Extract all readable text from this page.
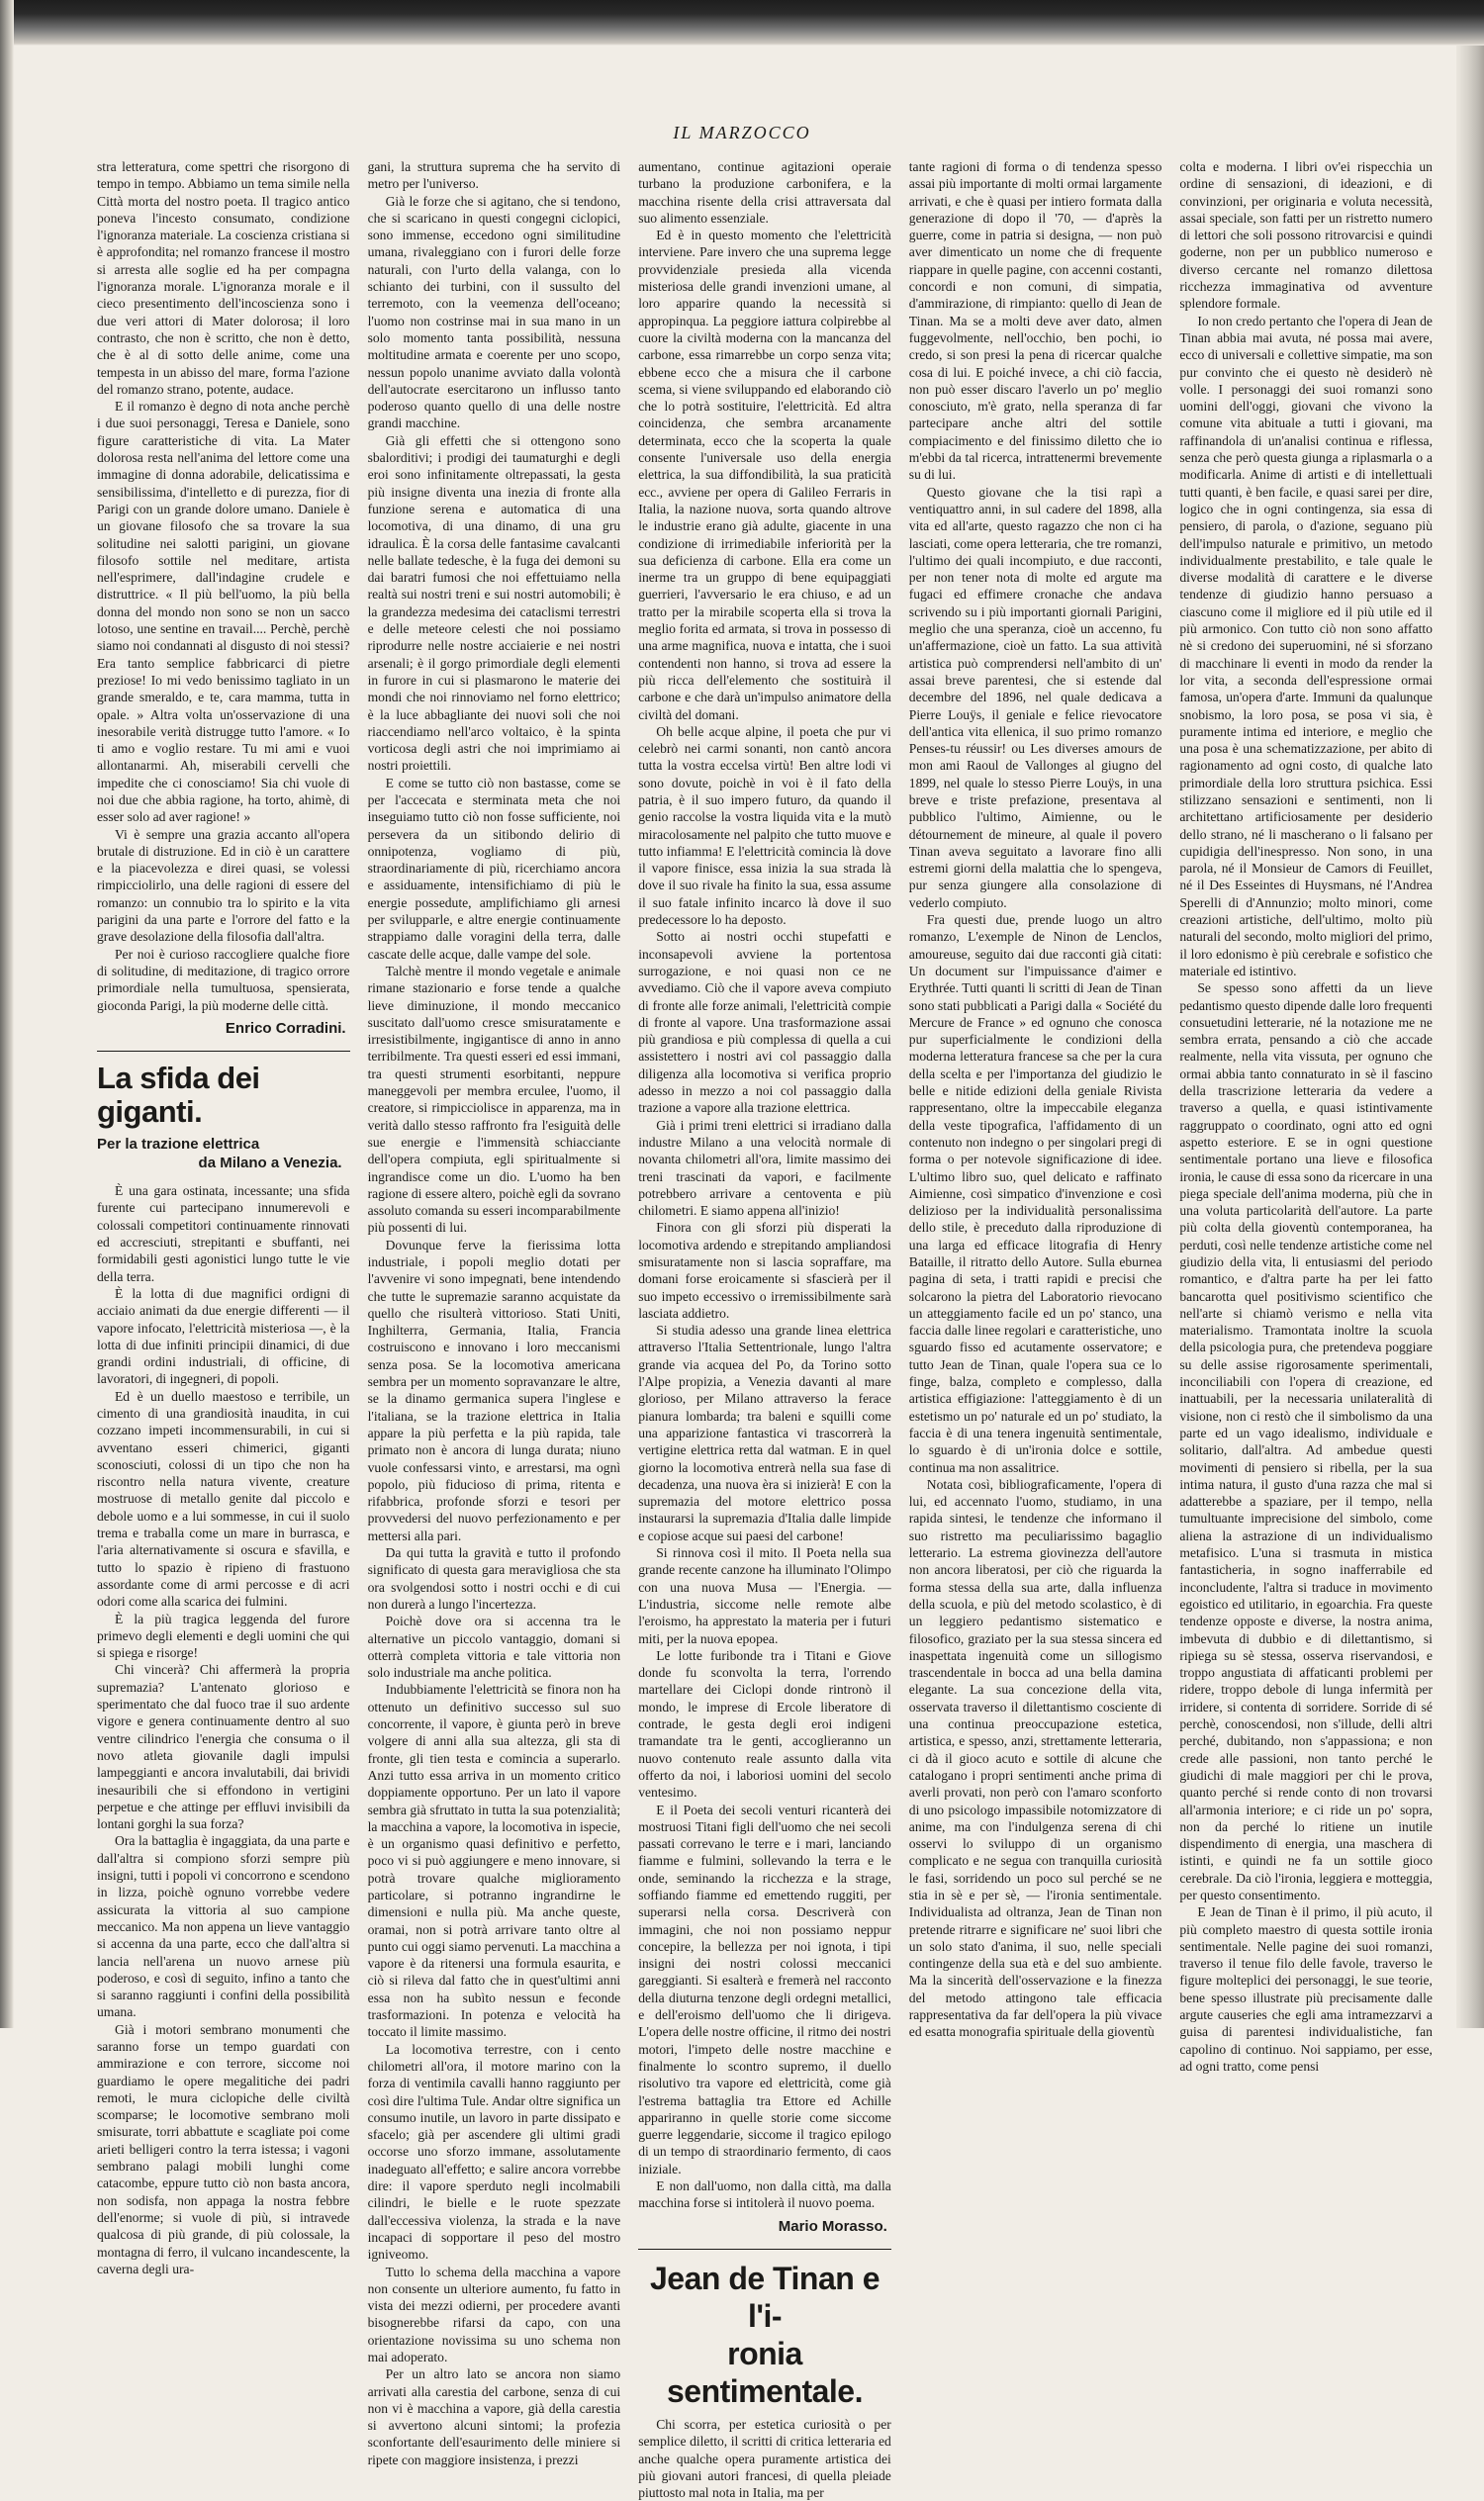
IL MARZOCCO

stra letteratura, come spettri che risorgono di tempo in tempo. Abbiamo un tema simile nella Città morta del nostro poeta. Il tragico antico poneva l'incesto consumato, condizione l'ignoranza materiale. La coscienza cristiana si è approfondita; nel romanzo francese il mostro si arresta alle soglie ed ha per compagna l'ignoranza morale. L'ignoranza morale e il cieco presentimento dell'incoscienza sono i due veri attori di Mater dolorosa; il loro contrasto, che non è scritto, che non è detto, che è al di sotto delle anime, come una tempesta in un abisso del mare, forma l'azione del romanzo strano, potente, audace.

E il romanzo è degno di nota anche perchè i due suoi personaggi, Teresa e Daniele, sono figure caratteristiche di vita. La Mater dolorosa resta nell'anima del lettore come una immagine di donna adorabile, delicatissima e sensibilissima, d'intelletto e di purezza, fior di Parigi con un grande dolore umano. Daniele è un giovane filosofo che sa trovare la sua solitudine nei salotti parigini, un giovane filosofo sottile nel meditare, artista nell'esprimere, dall'indagine crudele e distruttrice. « Il più bell'uomo, la più bella donna del mondo non sono se non un sacco lotoso, une sentine en travail.... Perchè, perchè siamo noi condannati al disgusto di noi stessi? Era tanto semplice fabbricarci di pietre preziose! Io mi vedo benissimo tagliato in un grande smeraldo, e te, cara mamma, tutta in opale. » Altra volta un'osservazione di una inesorabile verità distrugge tutto l'amore. « Io ti amo e voglio restare. Tu mi ami e vuoi allontanarmi. Ah, miserabili cervelli che impedite che ci conosciamo! Sia chi vuole di noi due che abbia ragione, ha torto, ahimè, di esser solo ad aver ragione! »

Vi è sempre una grazia accanto all'opera brutale di distruzione. Ed in ciò è un carattere e la piacevolezza e direi quasi, se volessi rimpicciolirlo, una delle ragioni di essere del romanzo: un connubio tra lo spirito e la vita parigini da una parte e l'orrore del fatto e la grave desolazione della filosofia dall'altra.

Per noi è curioso raccogliere qualche fiore di solitudine, di meditazione, di tragico orrore primordiale nella tumultuosa, spensierata, gioconda Parigi, la più moderne delle città.

Enrico Corradini.
La sfida dei giganti.
Per la trazione elettrica
da Milano a Venezia.

È una gara ostinata, incessante; una sfida furente cui partecipano innumerevoli e colossali competitori continuamente rinnovati ed accresciuti, strepitanti e sbuffanti, nei formidabili gesti agonistici lungo tutte le vie della terra.

È la lotta di due magnifici ordigni di acciaio animati da due energie differenti — il vapore infocato, l'elettricità misteriosa —, è la lotta di due infiniti principii dinamici, di due grandi ordini industriali, di officine, di lavoratori, di ingegneri, di popoli.

Ed è un duello maestoso e terribile, un cimento di una grandiosità inaudita, in cui cozzano impeti incommensurabili, in cui si avventano esseri chimerici, giganti sconosciuti, colossi di un tipo che non ha riscontro nella natura vivente, creature mostruose di metallo genite dal piccolo e debole uomo e a lui sommesse, in cui il suolo trema e traballa come un mare in burrasca, e l'aria alternativamente si oscura e sfavilla, e tutto lo spazio è ripieno di frastuono assordante come di armi percosse e di acri odori come alla scarica dei fulmini.

È la più tragica leggenda del furore primevo degli elementi e degli uomini che qui si spiega e risorge!

Chi vincerà? Chi affermerà la propria supremazia? L'antenato glorioso e sperimentato che dal fuoco trae il suo ardente vigore e genera continuamente dentro al suo ventre cilindrico l'energia che consuma o il novo atleta giovanile dagli impulsi lampeggianti e ancora invalutabili, dai brividi inesauribili che si effondono in vertigini perpetue e che attinge per effluvi invisibili da lontani gorghi la sua forza?

Ora la battaglia è ingaggiata, da una parte e dall'altra si compiono sforzi sempre più insigni, tutti i popoli vi concorrono e scendono in lizza, poichè ognuno vorrebbe vedere assicurata la vittoria al suo campione meccanico. Ma non appena un lieve vantaggio si accenna da una parte, ecco che dall'altra si lancia nell'arena un nuovo arnese più poderoso, e così di seguito, infino a tanto che si saranno raggiunti i confini della possibilità umana.

Già i motori sembrano monumenti che saranno forse un tempo guardati con ammirazione e con terrore, siccome noi guardiamo le opere megalitiche dei padri remoti, le mura ciclopiche delle civiltà scomparse; le locomotive sembrano moli smisurate, torri abbattute e scagliate poi come arieti belligeri contro la terra istessa; i vagoni sembrano palagi mobili lunghi come catacombe, eppure tutto ciò non basta ancora, non sodisfa, non appaga la nostra febbre dell'enorme; si vuole di più, si intravede qualcosa di più grande, di più colossale, la montagna di ferro, il vulcano incandescente, la caverna degli ura-

gani, la struttura suprema che ha servito di metro per l'universo.

Già le forze che si agitano, che si tendono, che si scaricano in questi congegni ciclopici, sono immense, eccedono ogni similitudine umana, rivaleggiano con i furori delle forze naturali, con l'urto della valanga, con lo schianto dei turbini, con il sussulto del terremoto, con la veemenza dell'oceano; l'uomo non costrinse mai in sua mano in un solo momento tanta possibilità, nessuna moltitudine armata e coerente per uno scopo, nessun popolo unanime avviato dalla volontà dell'autocrate esercitarono un influsso tanto poderoso quanto quello di una delle nostre grandi macchine.

Già gli effetti che si ottengono sono sbalorditivi; i prodigi dei taumaturghi e degli eroi sono infinitamente oltrepassati, la gesta più insigne diventa una inezia di fronte alla funzione serena e automatica di una locomotiva, di una dinamo, di una gru idraulica. È la corsa delle fantasime cavalcanti nelle ballate tedesche, è la fuga dei demoni su dai baratri fumosi che noi effettuiamo nella realtà sui nostri treni e sui nostri automobili; è la grandezza medesima dei cataclismi terrestri e delle meteore celesti che noi possiamo riprodurre nelle nostre acciaierie e nei nostri arsenali; è il gorgo primordiale degli elementi in furore in cui si plasmarono le materie dei mondi che noi rinnoviamo nel forno elettrico; è la luce abbagliante dei nuovi soli che noi riaccendiamo nell'arco voltaico, è la spinta vorticosa degli astri che noi imprimiamo ai nostri proiettili.

E come se tutto ciò non bastasse, come se per l'accecata e sterminata meta che noi inseguiamo tutto ciò non fosse sufficiente, noi persevera da un sitibondo delirio di onnipotenza, vogliamo di più, straordinariamente di più, ricerchiamo ancora e assiduamente, intensifichiamo di più le energie possedute, amplifichiamo gli arnesi per svilupparle, e altre energie continuamente strappiamo dalle voragini della terra, dalle cascate delle acque, dalle vampe del sole.

Talchè mentre il mondo vegetale e animale rimane stazionario e forse tende a qualche lieve diminuzione, il mondo meccanico suscitato dall'uomo cresce smisuratamente e irresistibilmente, ingigantisce di anno in anno terribilmente. Tra questi esseri ed essi immani, tra questi strumenti esorbitanti, neppure maneggevoli per membra erculee, l'uomo, il creatore, si rimpicciolisce in apparenza, ma in verità dallo stesso raffronto fra l'esiguità delle sue energie e l'immensità schiacciante dell'opera compiuta, egli spiritualmente si ingrandisce come un dio. L'uomo ha ben ragione di essere altero, poichè egli da sovrano assoluto comanda su esseri incomparabilmente più possenti di lui.

Dovunque ferve la fierissima lotta industriale, i popoli meglio dotati per l'avvenire vi sono impegnati, bene intendendo che tutte le supremazie saranno acquistate da quello che risulterà vittorioso. Stati Uniti, Inghilterra, Germania, Italia, Francia costruiscono e innovano i loro meccanismi senza posa. Se la locomotiva americana sembra per un momento sopravanzare le altre, se la dinamo germanica supera l'inglese e l'italiana, se la trazione elettrica in Italia appare la più perfetta e la più rapida, tale primato non è ancora di lunga durata; niuno vuole confessarsi vinto, e arrestarsi, ma ognì popolo, più fiducioso di prima, ritenta e rifabbrica, profonde sforzi e tesori per provvedersi del nuovo perfezionamento e per mettersi alla pari.

Da qui tutta la gravità e tutto il profondo significato di questa gara meravigliosa che sta ora svolgendosi sotto i nostri occhi e di cui non durerà a lungo l'incertezza.

Poichè dove ora si accenna tra le alternative un piccolo vantaggio, domani si otterrà completa vittoria e tale vittoria non solo industriale ma anche politica.

Indubbiamente l'elettricità se finora non ha ottenuto un definitivo successo sul suo concorrente, il vapore, è giunta però in breve volgere di anni alla sua altezza, gli sta di fronte, gli tien testa e comincia a superarlo. Anzi tutto essa arriva in un momento critico doppiamente opportuno. Per un lato il vapore sembra già sfruttato in tutta la sua potenzialità; la macchina a vapore, la locomotiva in ispecie, è un organismo quasi definitivo e perfetto, poco vi si può aggiungere e meno innovare, si potrà trovare qualche miglioramento particolare, si potranno ingrandirne le dimensioni e nulla più. Ma anche queste, oramai, non si potrà arrivare tanto oltre al punto cui oggi siamo pervenuti. La macchina a vapore è da ritenersi una formula esaurita, e ciò si rileva dal fatto che in quest'ultimi anni essa non ha subìto nessun e feconde trasformazioni. In potenza e velocità ha toccato il limite massimo.

La locomotiva terrestre, con i cento chilometri all'ora, il motore marino con la forza di ventimila cavalli hanno raggiunto per così dire l'ultima Tule. Andar oltre significa un consumo inutile, un lavoro in parte dissipato e sfacelo; già per ascendere gli ultimi gradi occorse uno sforzo immane, assolutamente inadeguato all'effetto; e salire ancora vorrebbe dire: il vapore sperduto negli incolmabili cilindri, le bielle e le ruote spezzate dall'eccessiva violenza, la strada e la nave incapaci di sopportare il peso del mostro igniveomo.

Tutto lo schema della macchina a vapore non consente un ulteriore aumento, fu fatto in vista dei mezzi odierni, per procedere avanti bisognerebbe rifarsi da capo, con una orientazione novissima su uno schema non mai adoperato.

Per un altro lato se ancora non siamo arrivati alla carestia del carbone, senza di cui non vi è macchina a vapore, già della carestia si avvertono alcuni sintomi; la profezia sconfortante dell'esaurimento delle miniere si ripete con maggiore insistenza, i prezzi

aumentano, continue agitazioni operaie turbano la produzione carbonifera, e la macchina risente della crisi attraversata dal suo alimento essenziale.

Ed è in questo momento che l'elettricità interviene. Pare invero che una suprema legge provvidenziale presieda alla vicenda misteriosa delle grandi invenzioni umane, al loro apparire quando la necessità si appropinqua. La peggiore iattura colpirebbe al cuore la civiltà moderna con la mancanza del carbone, essa rimarrebbe un corpo senza vita; ebbene ecco che a misura che il carbone scema, si viene sviluppando ed elaborando ciò che lo potrà sostituire, l'elettricità. Ed altra coincidenza, che sembra arcanamente determinata, ecco che la scoperta la quale consente l'universale uso della energia elettrica, la sua diffondibilità, la sua praticità ecc., avviene per opera di Galileo Ferraris in Italia, la nazione nuova, sorta quando altrove le industrie erano già adulte, giacente in una condizione di irrimediabile inferiorità per la sua deficienza di carbone. Ella era come un inerme tra un gruppo di bene equipaggiati guerrieri, l'avversario le era chiuso, e ad un tratto per la mirabile scoperta ella si trova la meglio forita ed armata, si trova in possesso di una arme magnifica, nuova e intatta, che i suoi contendenti non hanno, si trova ad essere la più ricca dell'elemento che sostituirà il carbone e che darà un'impulso animatore della civiltà del domani.

Oh belle acque alpine, il poeta che pur vi celebrò nei carmi sonanti, non cantò ancora tutta la vostra eccelsa virtù! Ben altre lodi vi sono dovute, poichè in voi è il fato della patria, è il suo impero futuro, da quando il genio raccolse la vostra liquida vita e la mutò miracolosamente nel palpito che tutto muove e tutto infiamma! E l'elettricità comincia là dove il vapore finisce, essa inizia la sua strada là dove il suo rivale ha finito la sua, essa assume il suo fatale infinito incarco là dove il suo predecessore lo ha deposto.

Sotto ai nostri occhi stupefatti e inconsapevoli avviene la portentosa surrogazione, e noi quasi non ce ne avvediamo. Ciò che il vapore aveva compiuto di fronte alle forze animali, l'elettricità compie di fronte al vapore. Una trasformazione assai più grandiosa e più complessa di quella a cui assistettero i nostri avi col passaggio dalla diligenza alla locomotiva si verifica proprio adesso in mezzo a noi col passaggio dalla trazione a vapore alla trazione elettrica.

Già i primi treni elettrici si irradiano dalla industre Milano a una velocità normale di novanta chilometri all'ora, limite massimo dei treni trascinati da vapori, e facilmente potrebbero arrivare a centoventa e più chilometri. E siamo appena all'inizio!

Finora con gli sforzi più disperati la locomotiva ardendo e strepitando ampliandosi smisuratamente non si lascia sopraffare, ma domani forse eroicamente si sfascierà per il suo impeto eccessivo o irremissibilmente sarà lasciata addietro.

Si studia adesso una grande linea elettrica attraverso l'Italia Settentrionale, lungo l'altra grande via acquea del Po, da Torino sotto l'Alpe propizia, a Venezia davanti al mare glorioso, per Milano attraverso la ferace pianura lombarda; tra baleni e squilli come una apparizione fantastica vi trascorrerà la vertigine elettrica retta dal watman. E in quel giorno la locomotiva entrerà nella sua fase di decadenza, una nuova èra si inizierà! E con la supremazia del motore elettrico possa instaurarsi la supremazia d'Italia dalle limpide e copiose acque sui paesi del carbone!

Si rinnova così il mito. Il Poeta nella sua grande recente canzone ha illuminato l'Olimpo con una nuova Musa — l'Energia. — L'industria, siccome nelle remote albe l'eroismo, ha apprestato la materia per i futuri miti, per la nuova epopea.

Le lotte furibonde tra i Titani e Giove donde fu sconvolta la terra, l'orrendo martellare dei Ciclopi donde rintronò il mondo, le imprese di Ercole liberatore di contrade, le gesta degli eroi indigeni tramandate tra le genti, accoglieranno un nuovo contenuto reale assunto dalla vita offerto da noi, i laboriosi uomini del secolo ventesimo.

E il Poeta dei secoli venturi ricanterà dei mostruosi Titani figli dell'uomo che nei secoli passati correvano le terre e i mari, lanciando fiamme e fulmini, sollevando la terra e le onde, seminando la ricchezza e la strage, soffiando fiamme ed emettendo ruggiti, per superarsi nella corsa. Descriverà con immagini, che noi non possiamo neppur concepire, la bellezza per noi ignota, i tipi insigni dei nostri colossi meccanici gareggianti. Si esalterà e fremerà nel racconto della diuturna tenzone degli ordegni metallici, e dell'eroismo dell'uomo che li dirigeva. L'opera delle nostre officine, il ritmo dei nostri motori, l'impeto delle nostre macchine e finalmente lo scontro supremo, il duello risolutivo tra vapore ed elettricità, come già l'estrema battaglia tra Ettore ed Achille appariranno in quelle storie come siccome guerre leggendarie, siccome il tragico epilogo di un tempo di straordinario fermento, di caos iniziale.

E non dall'uomo, non dalla città, ma dalla macchina forse si intitolerà il nuovo poema.

Mario Morasso.
Jean de Tinan e l'i-
ronia sentimentale.

Chi scorra, per estetica curiosità o per semplice diletto, il scritti di critica letteraria ed anche qualche opera puramente artistica dei più giovani autori francesi, di quella pleiade piuttosto mal nota in Italia, ma per

tante ragioni di forma o di tendenza spesso assai più importante di molti ormai largamente arrivati, e che è quasi per intiero formata dalla generazione di dopo il '70, — d'après la guerre, come in patria si designa, — non può aver dimenticato un nome che di frequente riappare in quelle pagine, con accenni costanti, concordi e non comuni, di simpatia, d'ammirazione, di rimpianto: quello di Jean de Tinan. Ma se a molti deve aver dato, almen fuggevolmente, nell'occhio, ben pochi, io credo, si son presi la pena di ricercar qualche cosa di lui. E poiché invece, a chi ciò faccia, non può esser discaro l'averlo un po' meglio conosciuto, m'è grato, nella speranza di far partecipare anche altri del sottile compiacimento e del finissimo diletto che io m'ebbi da tal ricerca, intrattenermi brevemente su di lui.

Questo giovane che la tisi rapì a ventiquattro anni, in sul cadere del 1898, alla vita ed all'arte, questo ragazzo che non ci ha lasciati, come opera letteraria, che tre romanzi, l'ultimo dei quali incompiuto, e due racconti, per non tener nota di molte ed argute ma fugaci ed effimere cronache che andava scrivendo su i più importanti giornali Parigini, meglio che una speranza, cioè un accenno, fu un'affermazione, cioè un fatto. La sua attività artistica può comprendersi nell'ambito di un' assai breve parentesi, che si estende dal decembre del 1896, nel quale dedicava a Pierre Louÿs, il geniale e felice rievocatore dell'antica vita ellenica, il suo primo romanzo Penses-tu réussir! ou Les diverses amours de mon ami Raoul de Vallonges al giugno del 1899, nel quale lo stesso Pierre Louÿs, in una breve e triste prefazione, presentava al pubblico l'ultimo, Aimienne, ou le détournement de mineure, al quale il povero Tinan aveva seguitato a lavorare fino alli estremi giorni della malattia che lo spengeva, pur senza giungere alla consolazione di vederlo compiuto.

Fra questi due, prende luogo un altro romanzo, L'exemple de Ninon de Lenclos, amoureuse, seguito dai due racconti già citati: Un document sur l'impuissance d'aimer e Erythrée. Tutti quanti li scritti di Jean de Tinan sono stati pubblicati a Parigi dalla « Société du Mercure de France » ed ognuno che conosca pur superficialmente le condizioni della moderna letteratura francese sa che per la cura della scelta e per l'importanza del giudizio le belle e nitide edizioni della geniale Rivista rappresentano, oltre la impeccabile eleganza della veste tipografica, l'affidamento di un contenuto non indegno o per singolari pregi di forma o per notevole significazione di idee. L'ultimo libro suo, quel delicato e raffinato Aimienne, così simpatico d'invenzione e così delizioso per la individualità personalissima dello stile, è preceduto dalla riproduzione di una larga ed efficace litografia di Henry Bataille, il ritratto dello Autore. Sulla eburnea pagina di seta, i tratti rapidi e precisi che solcarono la pietra del Laboratorio rievocano un atteggiamento facile ed un po' stanco, una faccia dalle linee regolari e caratteristiche, uno sguardo fisso ed acutamente osservatore; e tutto Jean de Tinan, quale l'opera sua ce lo finge, balza, completo e complesso, dalla artistica effigiazione: l'atteggiamento è di un estetismo un po' naturale ed un po' studiato, la faccia è di una tenera ingenuità sentimentale, lo sguardo è di un'ironia dolce e sottile, continua ma non assalitrice.

Notata così, bibliograficamente, l'opera di lui, ed accennato l'uomo, studiamo, in una rapida sintesi, le tendenze che informano il suo ristretto ma peculiarissimo bagaglio letterario. La estrema giovinezza dell'autore non ancora liberatosi, per ciò che riguarda la forma stessa della sua arte, dalla influenza della scuola, e più del metodo scolastico, è di un leggiero pedantismo sistematico e filosofico, graziato per la sua stessa sincera ed inaspettata ingenuità come un sillogismo trascendentale in bocca ad una bella damina elegante. La sua concezione della vita, osservata traverso il dilettantismo cosciente di una continua preoccupazione estetica, artistica, e spesso, anzi, strettamente letteraria, ci dà il gioco acuto e sottile di alcune che catalogano i propri sentimenti anche prima di averli provati, non però con l'amaro sconforto di uno psicologo impassibile notomizzatore di anime, ma con l'indulgenza serena di chi osservi lo sviluppo di un organismo complicato e ne segua con tranquilla curiosità le fasi, sorridendo un poco sul perché se ne stia in sè e per sè, — l'ironia sentimentale. Individualista ad oltranza, Jean de Tinan non pretende ritrarre e significare ne' suoi libri che un solo stato d'anima, il suo, nelle speciali contingenze della sua età e del suo ambiente. Ma la sincerità dell'osservazione e la finezza del metodo attingono tale efficacia rappresentativa da far dell'opera la più vivace ed esatta monografia spirituale della gioventù

colta e moderna. I libri ov'ei rispecchia un ordine di sensazioni, di ideazioni, e di convinzioni, per originaria e voluta necessità, assai speciale, son fatti per un ristretto numero di lettori che soli possono ritrovarcisi e quindi goderne, non per un pubblico numeroso e diverso cercante nel romanzo dilettosa ricchezza immaginativa od avventure splendore formale.

Io non credo pertanto che l'opera di Jean de Tinan abbia mai avuta, né possa mai avere, ecco di universali e collettive simpatie, ma son pur convinto che ei questo nè desiderò nè volle. I personaggi dei suoi romanzi sono uomini dell'oggi, giovani che vivono la comune vita abituale a tutti i giovani, ma raffinandola di un'analisi continua e riflessa, senza che però questa giunga a riplasmarla o a modificarla. Anime di artisti e di intellettuali tutti quanti, è ben facile, e quasi sarei per dire, logico che in ogni contingenza, sia essa di pensiero, di parola, o d'azione, seguano più dell'impulso naturale e primitivo, un metodo individualmente prestabilito, e tale quale le diverse modalità di carattere e le diverse tendenze di giudizio hanno persuaso a ciascuno come il migliore ed il più utile ed il più armonico. Con tutto ciò non sono affatto nè si credono dei superuomini, né si sforzano di macchinare li eventi in modo da render la lor vita, a seconda dell'espressione ormai famosa, un'opera d'arte. Immuni da qualunque snobismo, la loro posa, se posa vi sia, è puramente intima ed interiore, e meglio che una posa è una schematizzazione, per abito di ragionamento ad ogni costo, di qualche lato primordiale della loro struttura psichica. Essi stilizzano sensazioni e sentimenti, non li architettano artificiosamente per desiderio dello strano, né li mascherano o li falsano per cupidigia dell'inespresso. Non sono, in una parola, né il Monsieur de Camors di Feuillet, né il Des Esseintes di Huysmans, né l'Andrea Sperelli di d'Annunzio; molto minori, come creazioni artistiche, dell'ultimo, molto più naturali del secondo, molto migliori del primo, il loro edonismo è più cerebrale e sofistico che materiale ed istintivo.

Se spesso sono affetti da un lieve pedantismo questo dipende dalle loro frequenti consuetudini letterarie, né la notazione me ne sembra errata, pensando a ciò che accade realmente, nella vita vissuta, per ognuno che ormai abbia tanto connaturato in sè il fascino della trascrizione letteraria da vedere a traverso a quella, e quasi istintivamente raggruppato o coordinato, ogni atto ed ogni aspetto esteriore. E se in ogni questione sentimentale portano una lieve e filosofica ironia, le cause di essa sono da ricercare in una piega speciale dell'anima moderna, più che in una voluta particolarità dell'autore. La parte più colta della gioventù contemporanea, ha perduti, così nelle tendenze artistiche come nel giudizio della vita, li entusiasmi del periodo romantico, e d'altra parte ha per lei fatto bancarotta quel positivismo scientifico che nell'arte si chiamò verismo e nella vita materialismo. Tramontata inoltre la scuola della psicologia pura, che pretendeva poggiare su delle assise rigorosamente sperimentali, inconciliabili con l'opera di creazione, ed inattuabili, per la necessaria unilateralità di visione, non ci restò che il simbolismo da una parte ed un vago idealismo, individuale e solitario, dall'altra. Ad ambedue questi movimenti di pensiero si ribella, per la sua intima natura, il gusto d'una razza che mal si adatterebbe a spaziare, per il tempo, nella tumultuante imprecisione del simbolo, come aliena la astrazione di un individualismo metafisico. L'una si trasmuta in mistica fantasticheria, in sogno inafferrabile ed inconcludente, l'altra si traduce in movimento egoistico ed utilitario, in egoarchia. Fra queste tendenze opposte e diverse, la nostra anima, imbevuta di dubbio e di dilettantismo, si ripiega su sè stessa, osserva riservandosi, e troppo angustiata di affaticanti problemi per ridere, troppo debole di lunga infermità per irridere, si contenta di sorridere. Sorride di sé perchè, conoscendosi, non s'illude, delli altri perché, dubitando, non s'appassiona; e non crede alle passioni, non tanto perché le giudichi di male maggiori per chi le prova, quanto perché si rende conto di non trovarsi all'armonia interiore; e ci ride un po' sopra, non da perché lo ritiene un inutile dispendimento di energia, una maschera di istinti, e quindi ne fa un sottile gioco cerebrale. Da ciò l'ironia, leggiera e motteggia, per questo consentimento.

E Jean de Tinan è il primo, il più acuto, il più completo maestro di questa sottile ironia sentimentale. Nelle pagine dei suoi romanzi, traverso il tenue filo delle favole, traverso le figure molteplici dei personaggi, le sue teorie, bene spesso illustrate più precisamente dalle argute causeries che egli ama intramezzarvi a guisa di parentesi individualistiche, fan capolino di continuo. Noi sappiamo, per esse, ad ogni tratto, come pensi
